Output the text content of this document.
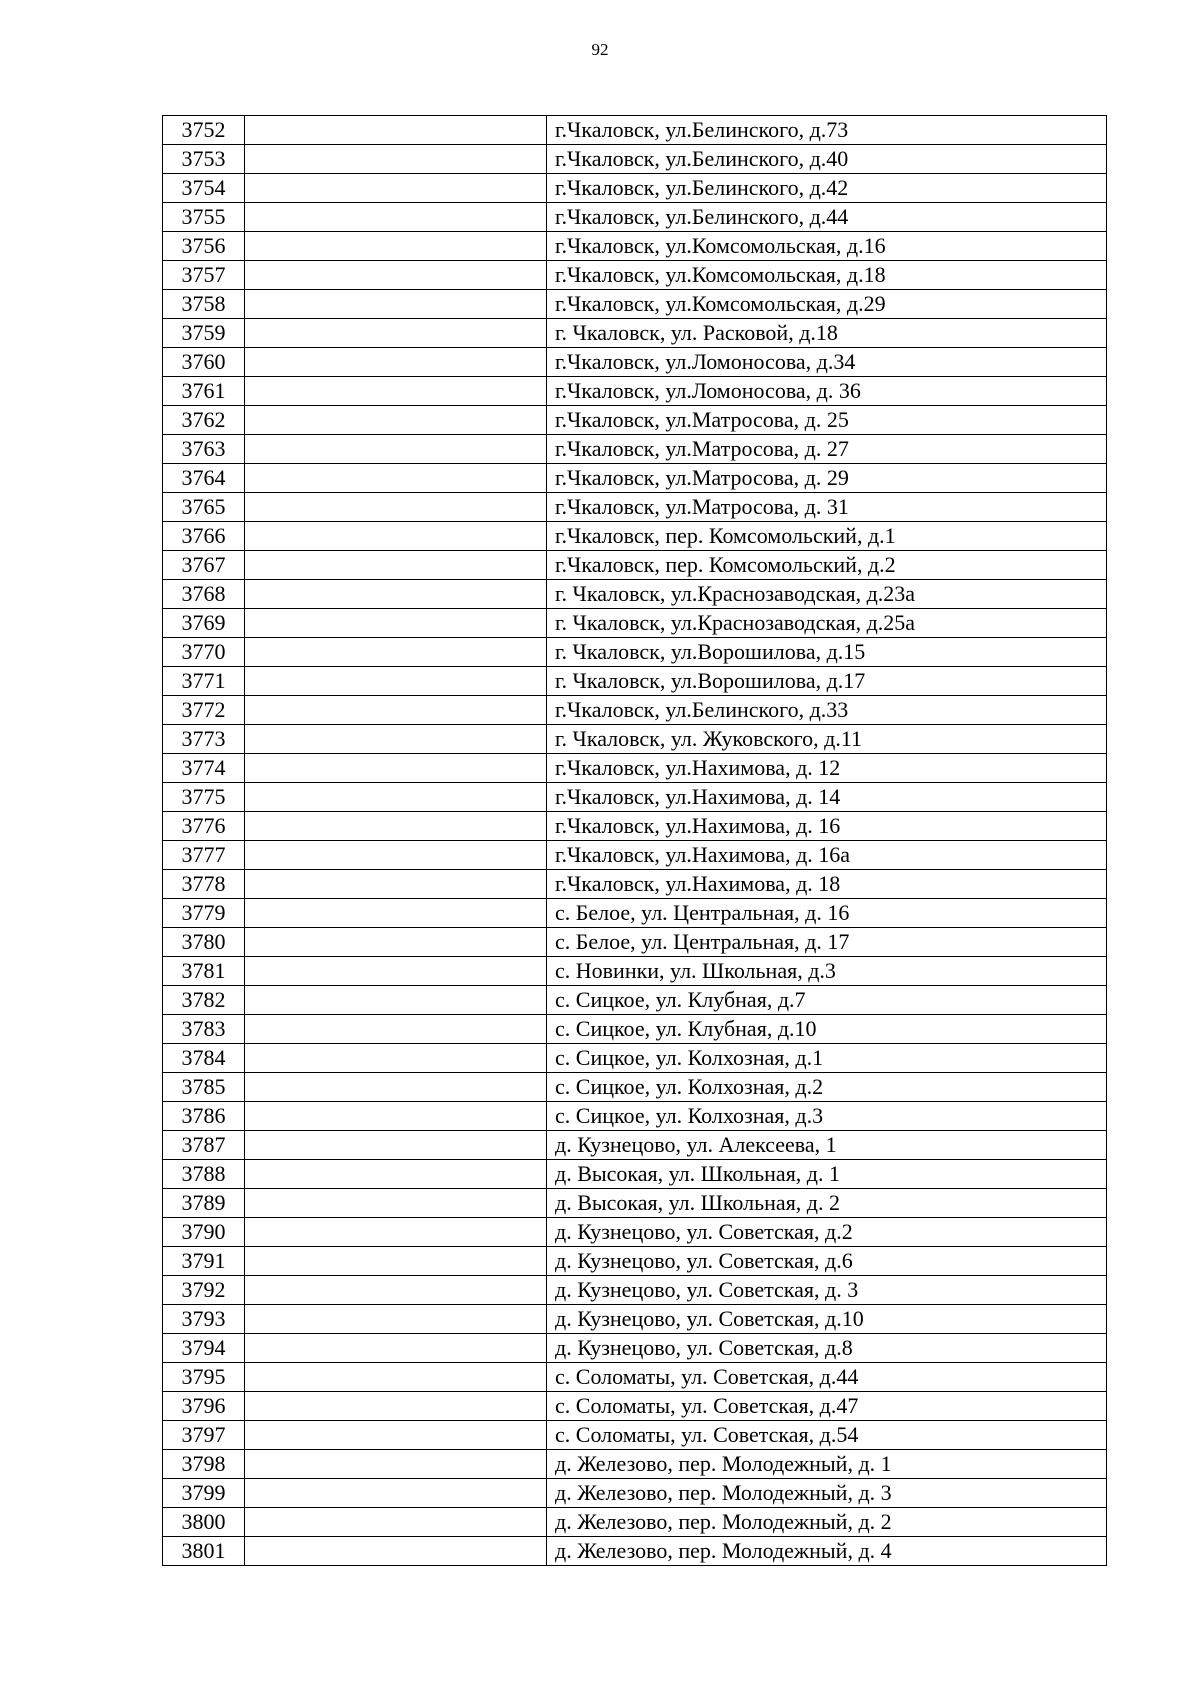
92
3752		г.Чкаловск, ул.Белинского, д.73
3753		г.Чкаловск, ул.Белинского, д.40
3754		г.Чкаловск, ул.Белинского, д.42
3755		г.Чкаловск, ул.Белинского, д.44
3756		г.Чкаловск, ул.Комсомольская, д.16
3757		г.Чкаловск, ул.Комсомольская, д.18
3758		г.Чкаловск, ул.Комсомольская, д.29
3759		г. Чкаловск, ул. Расковой, д.18
3760		г.Чкаловск, ул.Ломоносова, д.34
3761		г.Чкаловск, ул.Ломоносова, д. 36
3762		г.Чкаловск, ул.Матросова, д. 25
3763		г.Чкаловск, ул.Матросова, д. 27
3764		г.Чкаловск, ул.Матросова, д. 29
3765		г.Чкаловск, ул.Матросова, д. 31
3766		г.Чкаловск, пер. Комсомольский, д.1
3767		г.Чкаловск, пер. Комсомольский, д.2
3768		г. Чкаловск, ул.Краснозаводская, д.23а
3769		г. Чкаловск, ул.Краснозаводская, д.25а
3770		г. Чкаловск, ул.Ворошилова, д.15
3771		г. Чкаловск, ул.Ворошилова, д.17
3772		г.Чкаловск, ул.Белинского, д.33
3773		г. Чкаловск, ул. Жуковского, д.11
3774		г.Чкаловск, ул.Нахимова, д. 12
3775		г.Чкаловск, ул.Нахимова, д. 14
3776		г.Чкаловск, ул.Нахимова, д. 16
3777		г.Чкаловск, ул.Нахимова, д. 16а
3778		г.Чкаловск, ул.Нахимова, д. 18
3779		с. Белое, ул. Центральная, д. 16
3780		с. Белое, ул. Центральная, д. 17
3781		с. Новинки, ул. Школьная, д.3
3782		с. Сицкое, ул. Клубная, д.7
3783		с. Сицкое, ул. Клубная, д.10
3784		с. Сицкое, ул. Колхозная, д.1
3785		с. Сицкое, ул. Колхозная, д.2
3786		с. Сицкое, ул. Колхозная, д.3
3787		д. Кузнецово, ул. Алексеева, 1
3788		д. Высокая, ул. Школьная, д. 1
3789		д. Высокая, ул. Школьная, д. 2
3790		д. Кузнецово, ул. Советская, д.2
3791		д. Кузнецово, ул. Советская, д.6
3792		д. Кузнецово, ул. Советская, д. 3
3793		д. Кузнецово, ул. Советская, д.10
3794		д. Кузнецово, ул. Советская, д.8
3795		с. Соломаты, ул. Советская, д.44
3796		с. Соломаты, ул. Советская, д.47
3797		с. Соломаты, ул. Советская, д.54
3798		д. Железово, пер. Молодежный, д. 1
3799		д. Железово, пер. Молодежный, д. 3
3800		д. Железово, пер. Молодежный, д. 2
3801		д. Железово, пер. Молодежный, д. 4
